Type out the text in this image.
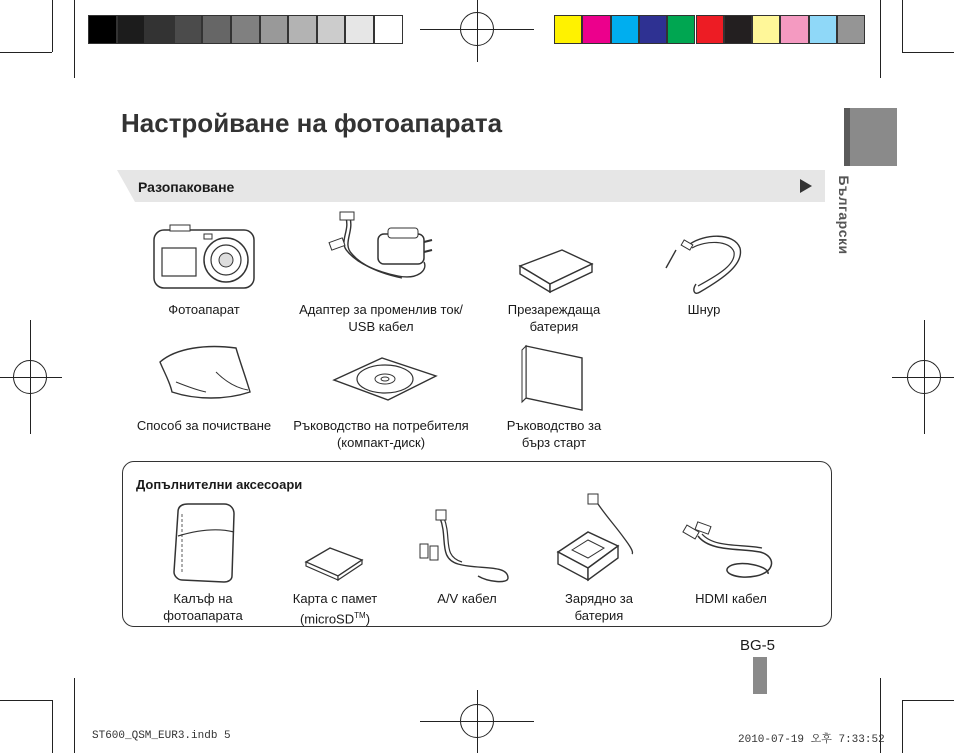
Настройване на фотоапарата
Български
Разопаковане
Фотоапарат	Адаптер за променлив ток/
USB кабел
Презареждаща
батерия
Шнур
Способ за почистване Ръководство на потребителя
(компакт-диск)
Ръководство за
бърз старт
Допълнителни аксесоари
Калъф на
фотоапарата
Карта с памет
(microSD™)
A/V кабел	Зарядно за
батерия
HDMI кабел
BG-5
ST600_QSM_EUR3.indb 5	2010-07-19 오후 7:33:52
